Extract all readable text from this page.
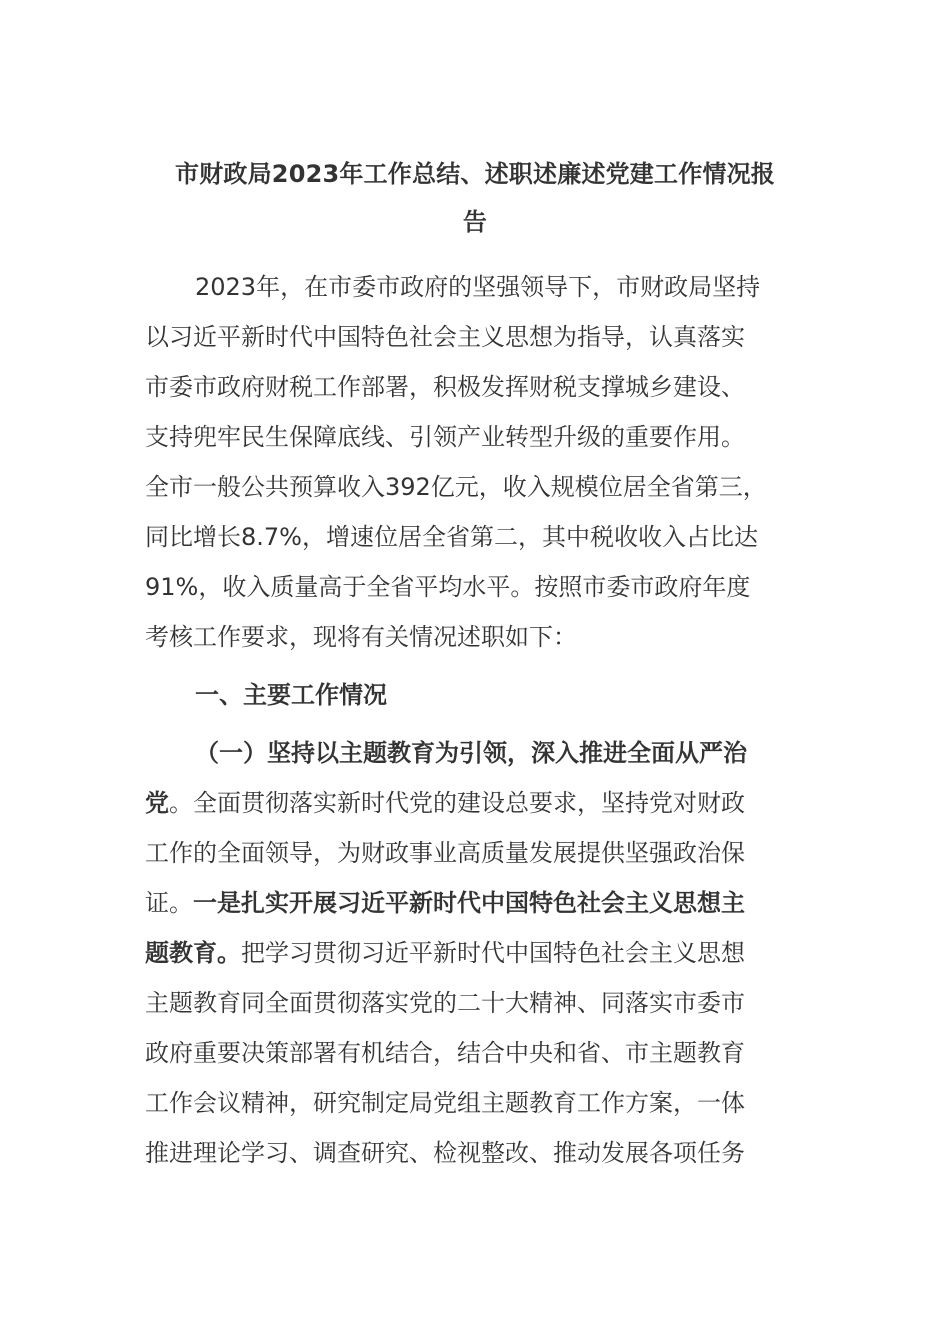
市财政局2023年工作总结、述职述廉述党建工作情况报
告
2023年，在市委市政府的坚强领导下，市财政局坚持
以习近平新时代中国特色社会主义思想为指导，认真落实
市委市政府财税工作部署，积极发挥财税支撑城乡建设、
支持兜牢民生保障底线、引领产业转型升级的重要作用。
全市一般公共预算收入392亿元，收入规模位居全省第三，
同比增长8.7%，增速位居全省第二，其中税收收入占比达
91%，收入质量高于全省平均水平。按照市委市政府年度
考核工作要求，现将有关情况述职如下：
一、主要工作情况
（一）坚持以主题教育为引领，深入推进全面从严治
党。全面贯彻落实新时代党的建设总要求，坚持党对财政
工作的全面领导，为财政事业高质量发展提供坚强政治保
证。一是扎实开展习近平新时代中国特色社会主义思想主
题教育。把学习贯彻习近平新时代中国特色社会主义思想
主题教育同全面贯彻落实党的二十大精神、同落实市委市
政府重要决策部署有机结合，结合中央和省、市主题教育
工作会议精神，研究制定局党组主题教育工作方案，一体
推进理论学习、调查研究、检视整改、推动发展各项任务
